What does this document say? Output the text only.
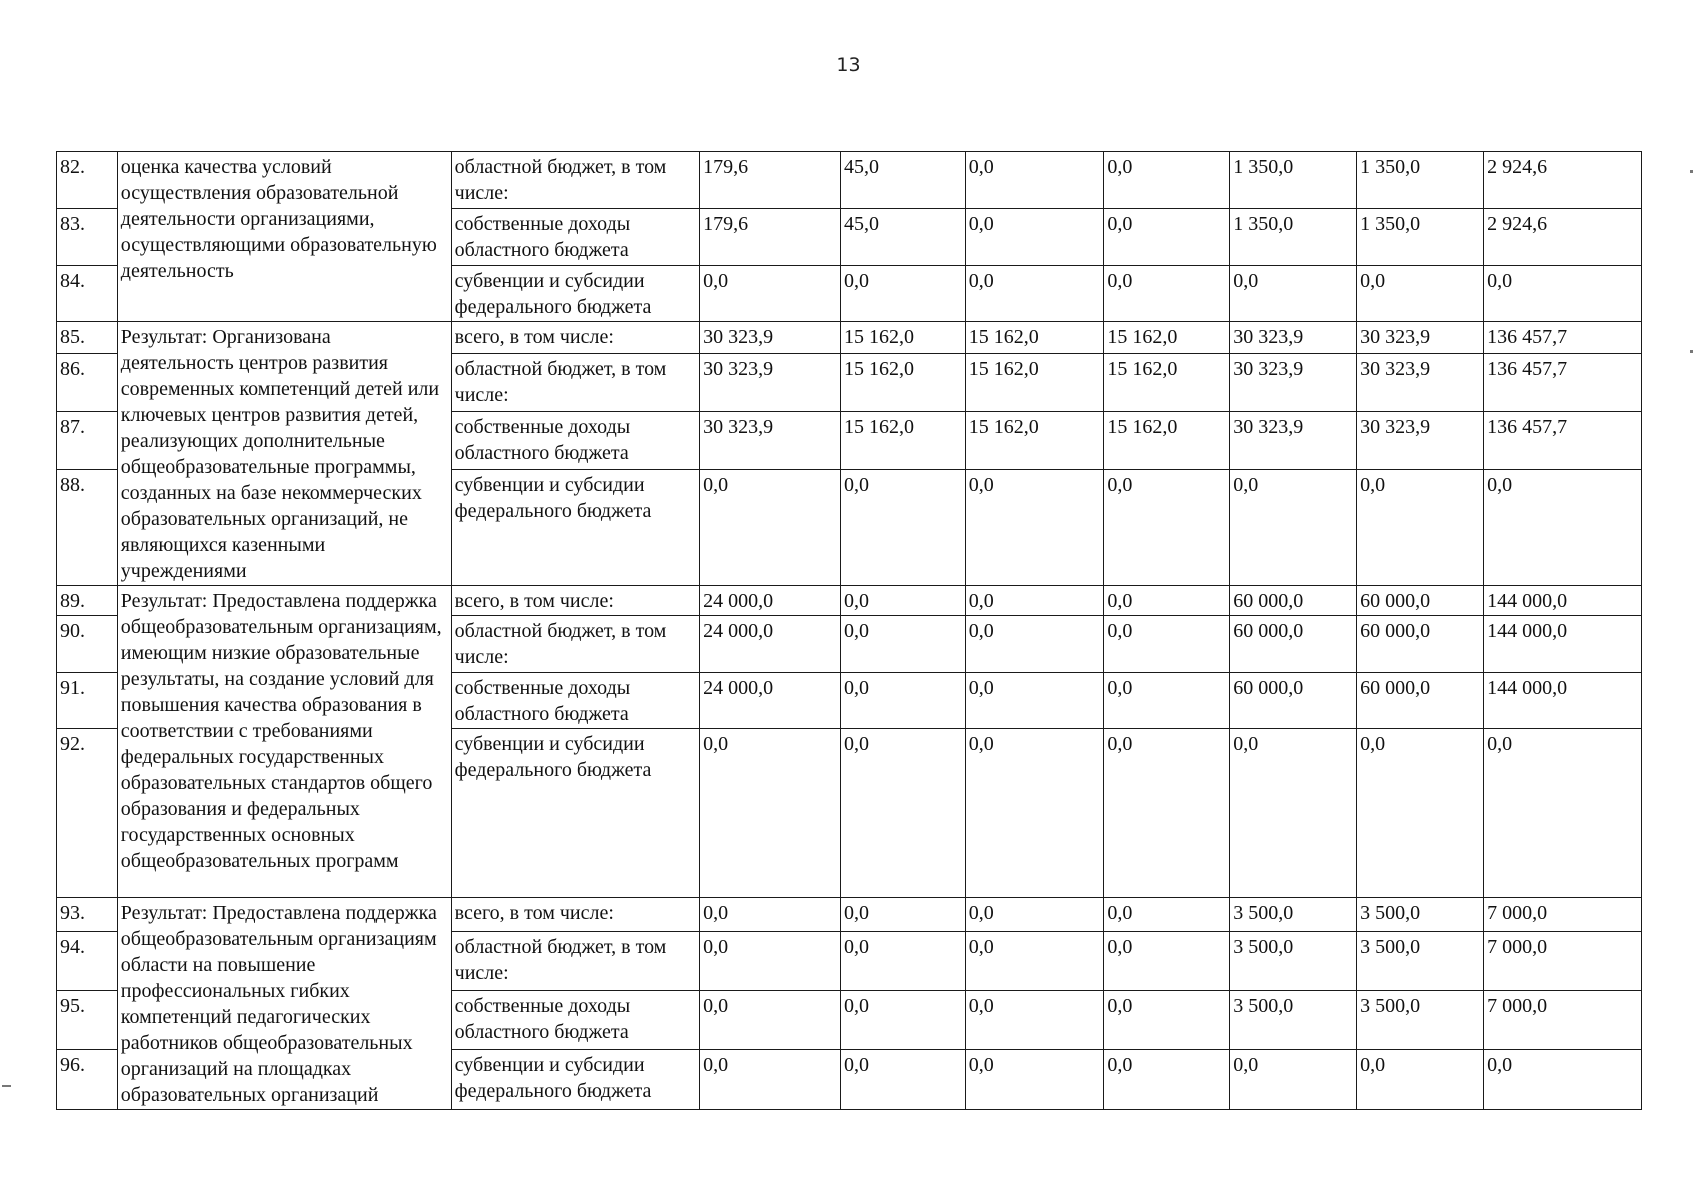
13
82.	оценка качества условий осуществления образовательной деятельности организациями, осуществляющими образовательную деятельность	областной бюджет, в том числе:	179,6	45,0	0,0	0,0	1 350,0	1 350,0	2 924,6
83.		собственные доходы областного бюджета	179,6	45,0	0,0	0,0	1 350,0	1 350,0	2 924,6
84.		субвенции и субсидии федерального бюджета	0,0	0,0	0,0	0,0	0,0	0,0	0,0
85.	Результат: Организована деятельность центров развития современных компетенций детей или ключевых центров развития детей, реализующих дополнительные общеобразовательные программы, созданных на базе некоммерческих образовательных организаций, не являющихся казенными учреждениями	всего, в том числе:	30 323,9	15 162,0	15 162,0	15 162,0	30 323,9	30 323,9	136 457,7
86.		областной бюджет, в том числе:	30 323,9	15 162,0	15 162,0	15 162,0	30 323,9	30 323,9	136 457,7
87.		собственные доходы областного бюджета	30 323,9	15 162,0	15 162,0	15 162,0	30 323,9	30 323,9	136 457,7
88.		субвенции и субсидии федерального бюджета	0,0	0,0	0,0	0,0	0,0	0,0	0,0
89.	Результат: Предоставлена поддержка общеобразовательным организациям, имеющим низкие образовательные результаты, на создание условий для повышения качества образования в соответствии с требованиями федеральных государственных образовательных стандартов общего образования и федеральных государственных основных общеобразовательных программ	всего, в том числе:	24 000,0	0,0	0,0	0,0	60 000,0	60 000,0	144 000,0
90.		областной бюджет, в том числе:	24 000,0	0,0	0,0	0,0	60 000,0	60 000,0	144 000,0
91.		собственные доходы областного бюджета	24 000,0	0,0	0,0	0,0	60 000,0	60 000,0	144 000,0
92.		субвенции и субсидии федерального бюджета	0,0	0,0	0,0	0,0	0,0	0,0	0,0
93.	Результат: Предоставлена поддержка общеобразовательным организациям области на повышение профессиональных гибких компетенций педагогических работников общеобразовательных организаций на площадках образовательных организаций	всего, в том числе:	0,0	0,0	0,0	0,0	3 500,0	3 500,0	7 000,0
94.		областной бюджет, в том числе:	0,0	0,0	0,0	0,0	3 500,0	3 500,0	7 000,0
95.		собственные доходы областного бюджета	0,0	0,0	0,0	0,0	3 500,0	3 500,0	7 000,0
96.		субвенции и субсидии федерального бюджета	0,0	0,0	0,0	0,0	0,0	0,0	0,0
